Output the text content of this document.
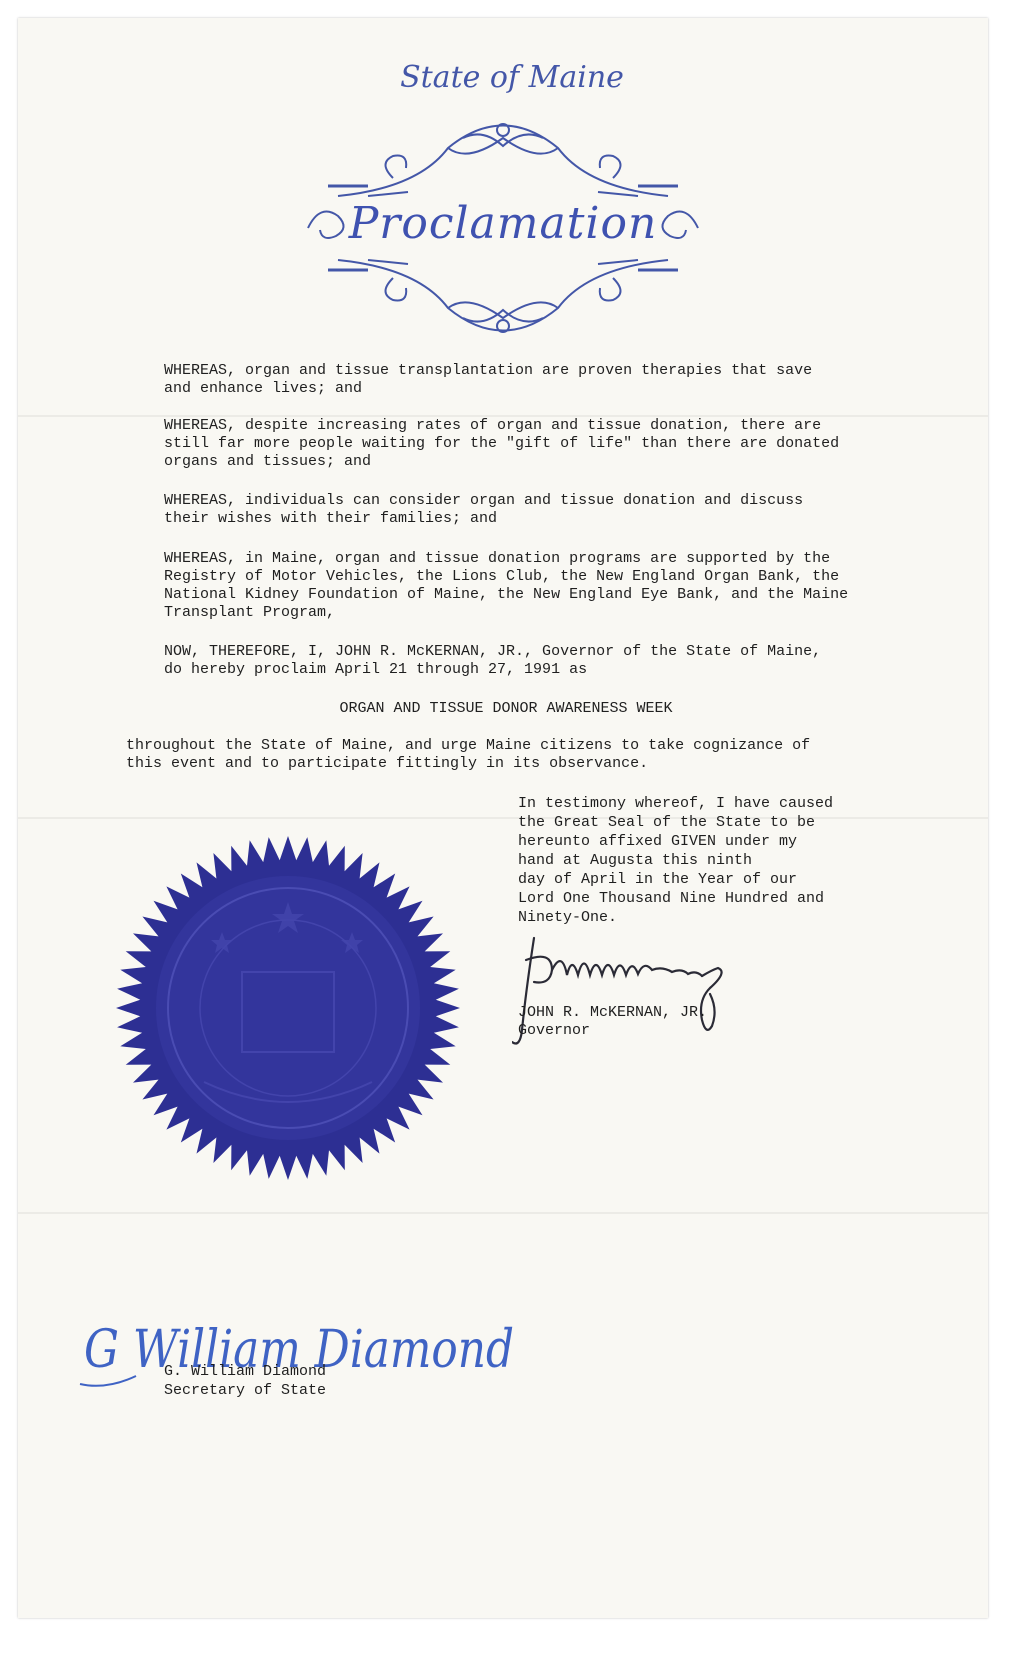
State of Maine
Proclamation

WHEREAS, organ and tissue transplantation are proven therapies that save
and enhance lives; and

WHEREAS, despite increasing rates of organ and tissue donation, there are
still far more people waiting for the "gift of life" than there are donated
organs and tissues; and

WHEREAS, individuals can consider organ and tissue donation and discuss
their wishes with their families; and

WHEREAS, in Maine, organ and tissue donation programs are supported by the
Registry of Motor Vehicles, the Lions Club, the New England Organ Bank, the
National Kidney Foundation of Maine, the New England Eye Bank, and the Maine
Transplant Program,

NOW, THEREFORE, I, JOHN R. McKERNAN, JR., Governor of the State of Maine,
do hereby proclaim April 21 through 27, 1991 as

ORGAN AND TISSUE DONOR AWARENESS WEEK

throughout the State of Maine, and urge Maine citizens to take cognizance of
this event and to participate fittingly in its observance.

In testimony whereof, I have caused
the Great Seal of the State to be
hereunto affixed GIVEN under my
hand at Augusta this ninth
day of April in the Year of our
Lord One Thousand Nine Hundred and
Ninety-One.
JOHN R. McKERNAN, JR.
Governor
G William Diamond
G. William Diamond
Secretary of State
